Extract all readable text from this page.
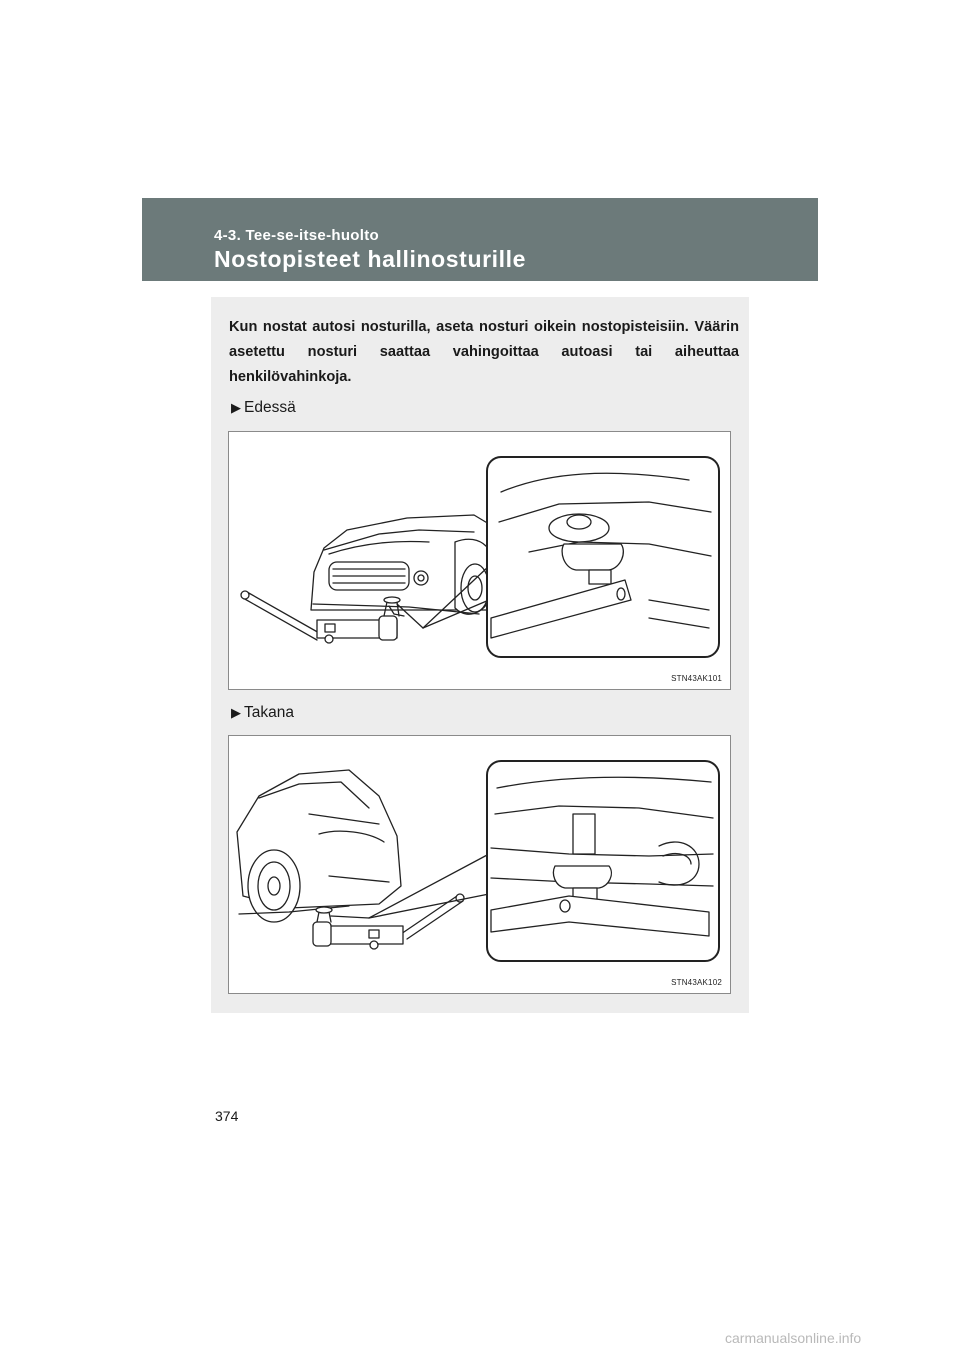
4-3. Tee-se-itse-huolto
Nostopisteet hallinosturille
Kun nostat autosi nosturilla, aseta nosturi oikein nostopisteisiin. Väärin asetettu nosturi saattaa vahingoittaa autoasi tai aiheuttaa henkilövahinkoja.
▶ Edessä
STN43AK101
▶ Takana
STN43AK102
374
carmanualsonline.info
